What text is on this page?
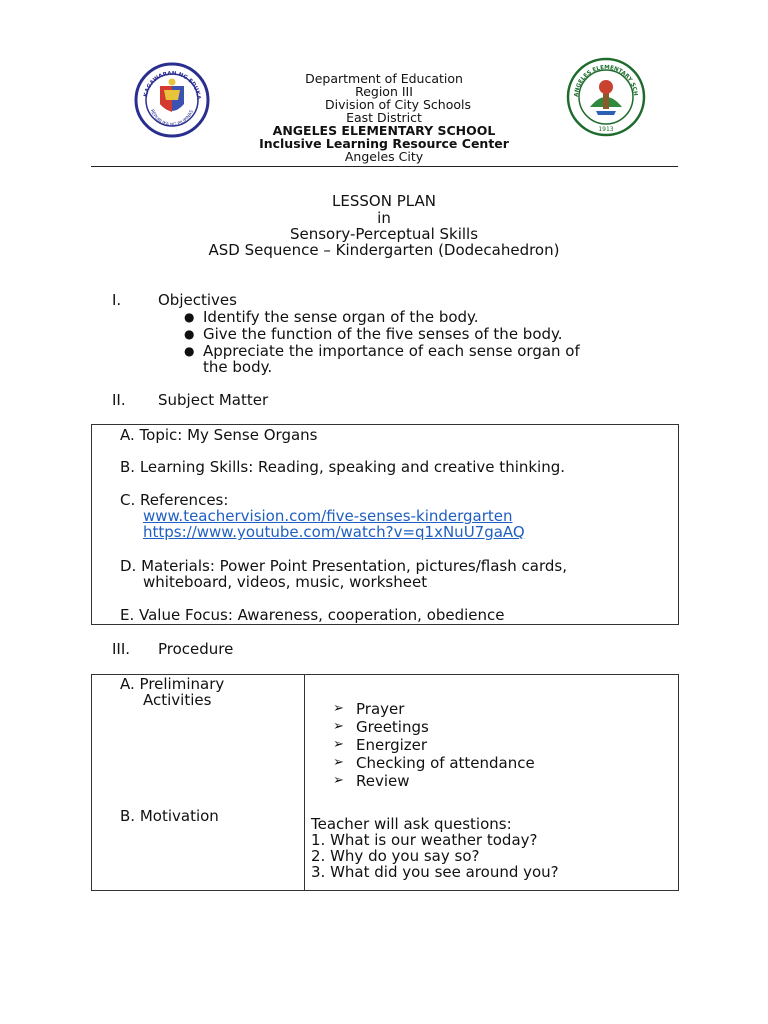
KAGAWARAN NG EDUKA
REPUBLIKA NG PILIPINAS
ANGELES ELEMENTARY SCH
1913
Department of Education
Region III
Division of City Schools
East District
ANGELES ELEMENTARY SCHOOL
Inclusive Learning Resource Center
Angeles City
LESSON PLAN
in
Sensory-Perceptual Skills
ASD Sequence – Kindergarten (Dodecahedron)
I. Objectives
● Identify the sense organ of the body.
● Give the function of the five senses of the body.
● Appreciate the importance of each sense organ of
the body.
II. Subject Matter
A. Topic: My Sense Organs
B. Learning Skills: Reading, speaking and creative thinking.
C. References:
www.teachervision.com/five-senses-kindergarten
https://www.youtube.com/watch?v=q1xNuU7gaAQ
D. Materials: Power Point Presentation, pictures/flash cards,
whiteboard, videos, music, worksheet
E. Value Focus: Awareness, cooperation, obedience
III. Procedure
A. Preliminary
Activities	➢ Prayer
➢ Greetings
➢ Energizer
➢ Checking of attendance
➢ Review
B. Motivation	Teacher will ask questions:
1. What is our weather today?
2. Why do you say so?
3. What did you see around you?
